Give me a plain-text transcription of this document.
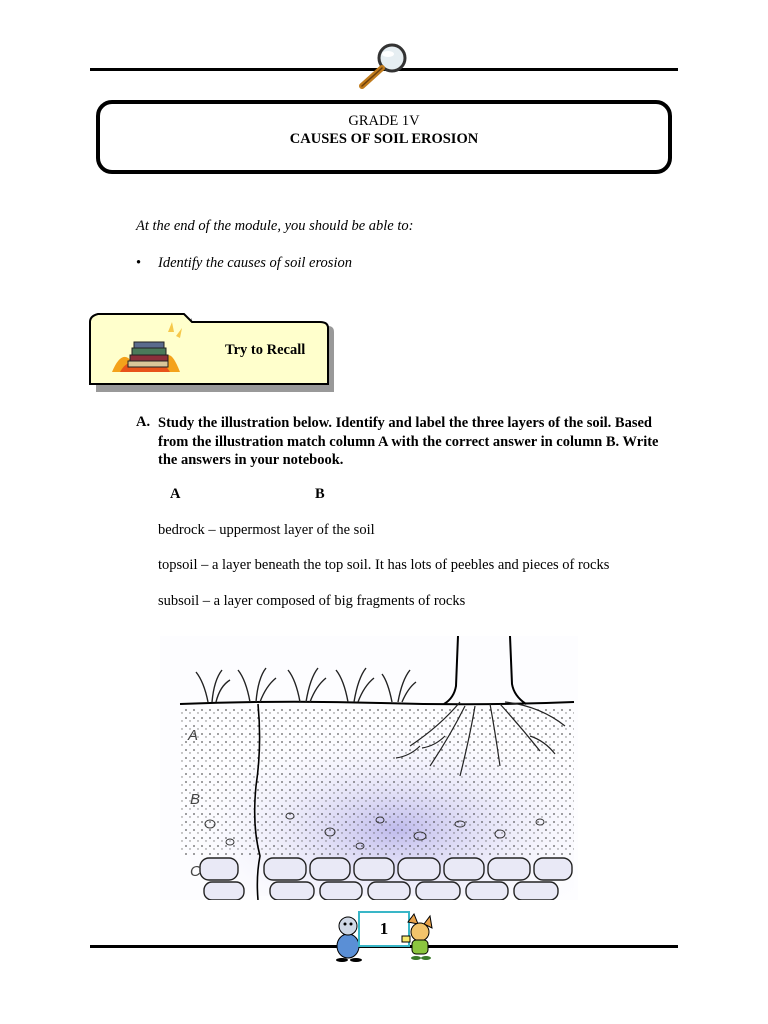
GRADE 1V
CAUSES OF SOIL EROSION
At the end of the module, you should be able to:
• Identify the causes of soil erosion
Try to Recall
A. Study the illustration below. Identify and label the three layers of the soil. Based from the illustration match column A with the correct answer in column B. Write the answers in your notebook.
A	B
bedrock – uppermost layer of the soil
topsoil – a layer beneath the top soil. It has lots of peebles and pieces of rocks
subsoil – a layer composed of big fragments of rocks
A
B
C
1
